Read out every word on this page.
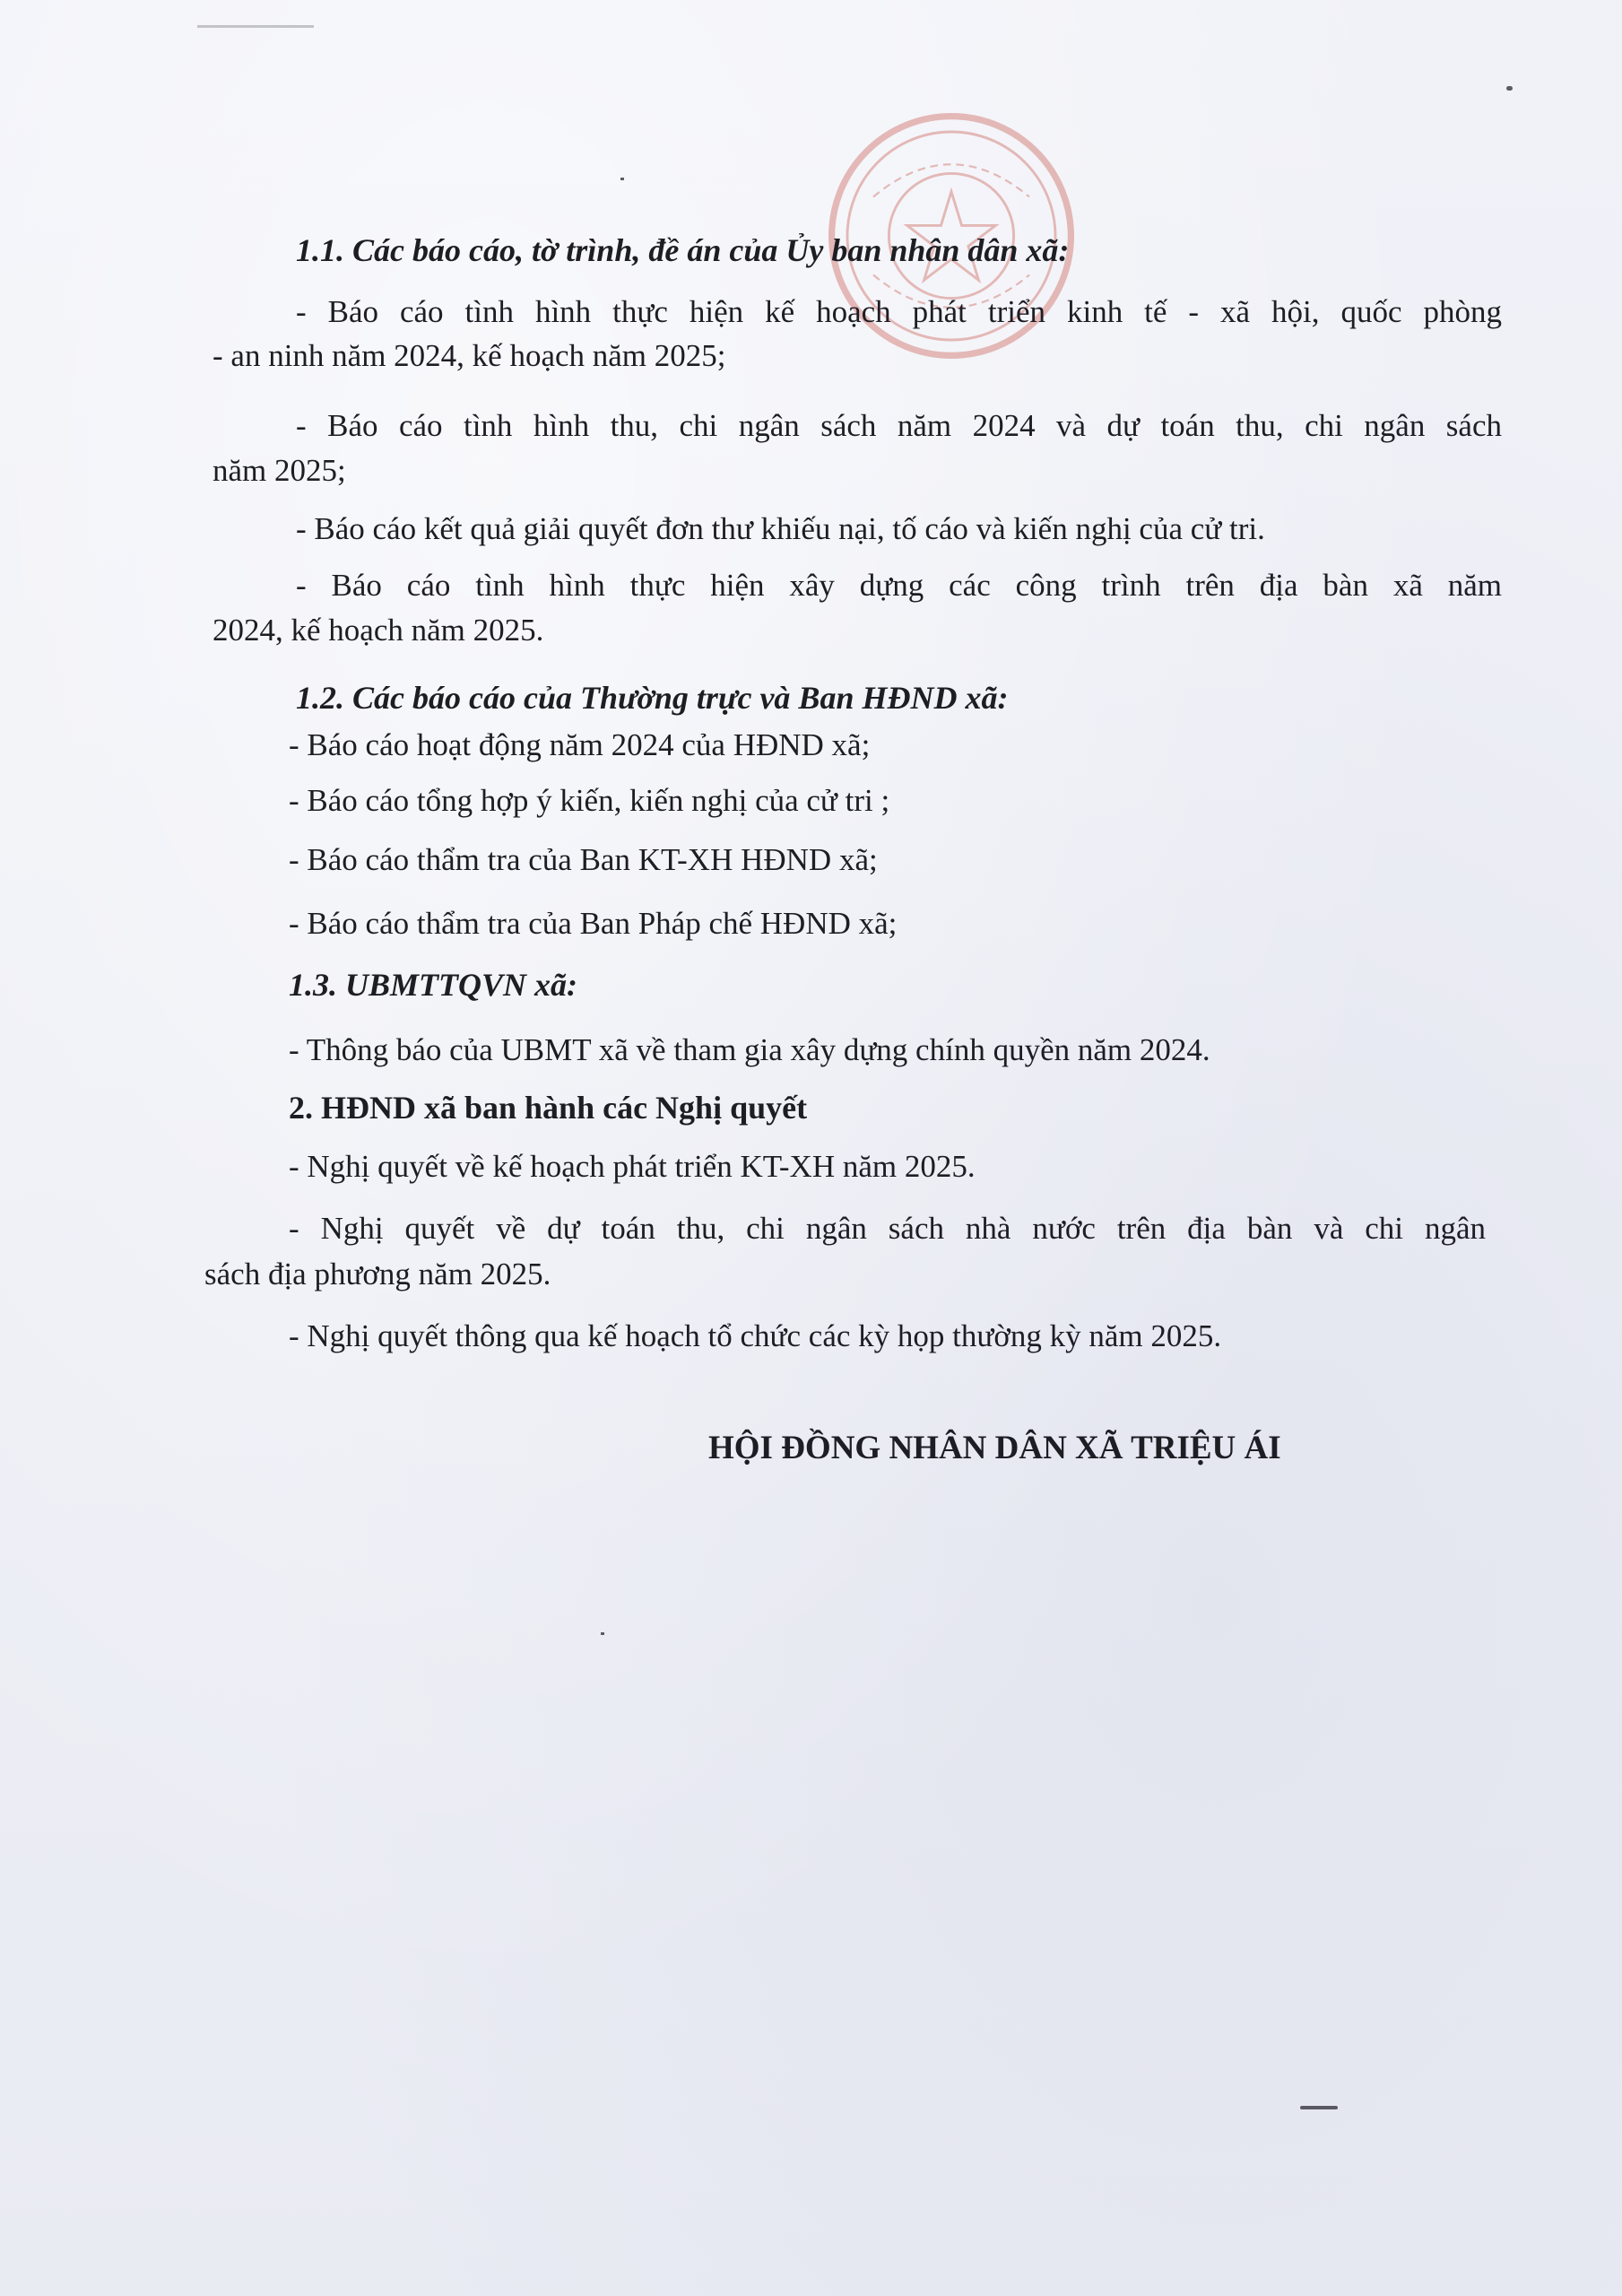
1.1. Các báo cáo, tờ trình, đề án của Ủy ban nhân dân xã:
- Báo cáo tình hình thực hiện kế hoạch phát triển kinh tế - xã hội, quốc phòng
- an ninh năm 2024, kế hoạch năm 2025;
- Báo cáo tình hình thu, chi ngân sách năm 2024 và dự toán thu, chi ngân sách
năm 2025;
- Báo cáo kết quả giải quyết đơn thư khiếu nại, tố cáo và kiến nghị của cử tri.
- Báo cáo tình hình thực hiện xây dựng các công trình trên địa bàn xã năm
2024, kế hoạch năm 2025.
1.2. Các báo cáo của Thường trực và Ban HĐND xã:
- Báo cáo hoạt động năm 2024 của HĐND xã;
- Báo cáo tổng hợp ý kiến, kiến nghị của cử tri ;
- Báo cáo thẩm tra của Ban KT-XH HĐND xã;
- Báo cáo thẩm tra của Ban Pháp chế HĐND xã;
1.3. UBMTTQVN xã:
- Thông báo của UBMT xã về tham gia xây dựng chính quyền năm 2024.
2. HĐND xã ban hành các Nghị quyết
- Nghị quyết về kế hoạch phát triển KT-XH năm 2025.
- Nghị quyết về dự toán thu, chi ngân sách nhà nước trên địa bàn và chi ngân
sách địa phương năm 2025.
- Nghị quyết thông qua kế hoạch tổ chức các kỳ họp thường kỳ năm 2025.
HỘI ĐỒNG NHÂN DÂN XÃ TRIỆU ÁI
